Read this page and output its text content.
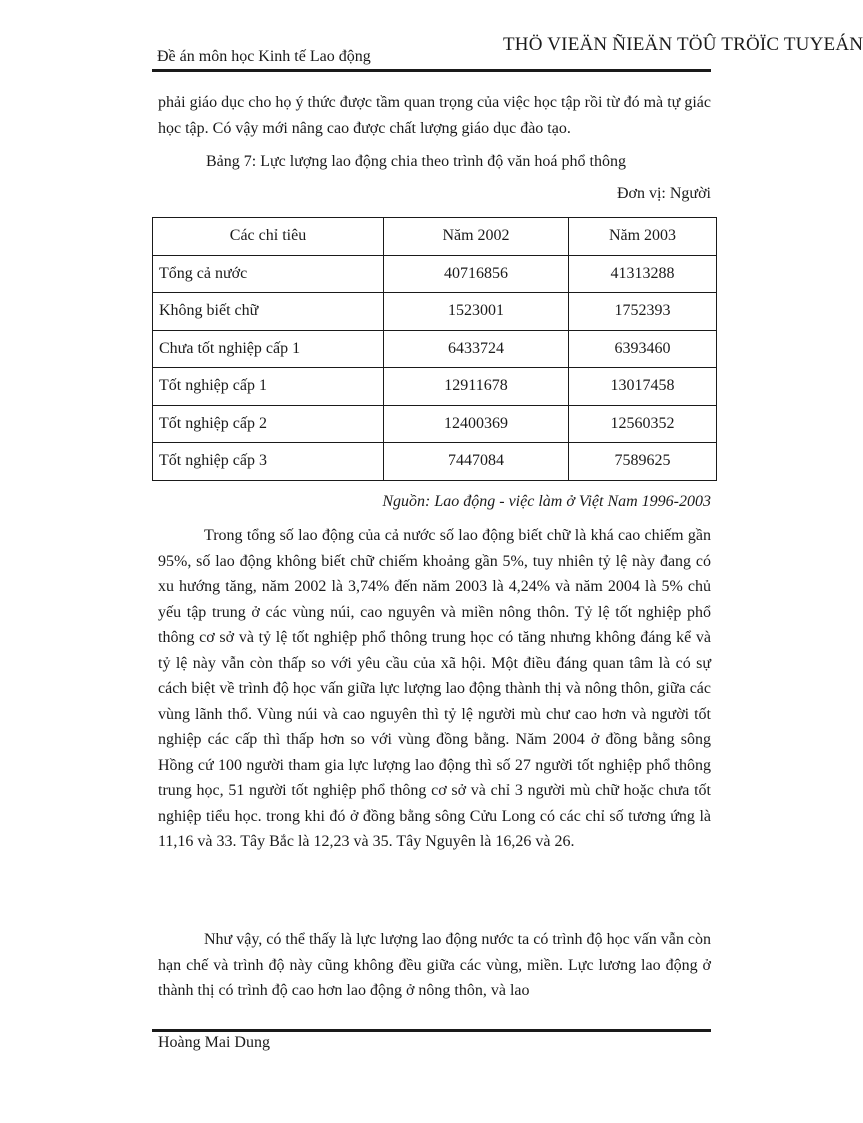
Đề án môn học Kinh tế Lao động
THÖ VIEÄN ÑIEÄN TÖÛ TRÖÏC TUYEÁN
phải giáo dục cho họ ý thức được tầm quan trọng của việc học tập rồi từ đó mà tự giác học tập. Có vậy mới nâng cao được chất lượng giáo dục đào tạo.
Bảng 7: Lực lượng lao động chia theo trình độ văn hoá phổ thông
Đơn vị: Người
Các chỉ tiêu	Năm 2002	Năm 2003
Tổng cả nước	40716856	41313288
Không biết chữ	1523001	1752393
Chưa tốt nghiệp cấp 1	6433724	6393460
Tốt nghiệp cấp 1	12911678	13017458
Tốt nghiệp cấp 2	12400369	12560352
Tốt nghiệp cấp 3	7447084	7589625
Nguồn: Lao động - việc làm ở Việt Nam 1996-2003
Trong tổng số lao động của cả nước số lao động biết chữ là khá cao chiếm gần 95%, số lao động không biết chữ chiếm khoảng gần 5%, tuy nhiên tỷ lệ này đang có xu hướng tăng, năm 2002 là 3,74% đến năm 2003 là 4,24% và năm 2004 là 5% chủ yếu tập trung ở các vùng núi, cao nguyên và miền nông thôn. Tỷ lệ tốt nghiệp phổ thông cơ sở và tỷ lệ tốt nghiệp phổ thông trung học có tăng nhưng không đáng kể và tỷ lệ này vẫn còn thấp so với yêu cầu của xã hội. Một điều đáng quan tâm là có sự cách biệt về trình độ học vấn giữa lực lượng lao động thành thị và nông thôn, giữa các vùng lãnh thổ. Vùng núi và cao nguyên thì tỷ lệ người mù chư cao hơn và người tốt nghiệp các cấp thì thấp hơn so với vùng đồng bằng. Năm 2004 ở đồng bằng sông Hồng cứ 100 người tham gia lực lượng lao động thì số 27 người tốt nghiệp phổ thông trung học, 51 người tốt nghiệp phổ thông cơ sở và chỉ 3 người mù chữ hoặc chưa tốt nghiệp tiểu học. trong khi đó ở đồng bằng sông Cửu Long có các chỉ số tương ứng là 11,16 và 33. Tây Bắc là 12,23 và 35. Tây Nguyên là 16,26 và 26.
Như vậy, có thể thấy là lực lượng lao động nước ta có trình độ học vấn vẫn còn hạn chế và trình độ này cũng không đều giữa các vùng, miền. Lực lương lao động ở thành thị có trình độ cao hơn lao động ở nông thôn, và lao
Hoàng Mai Dung
